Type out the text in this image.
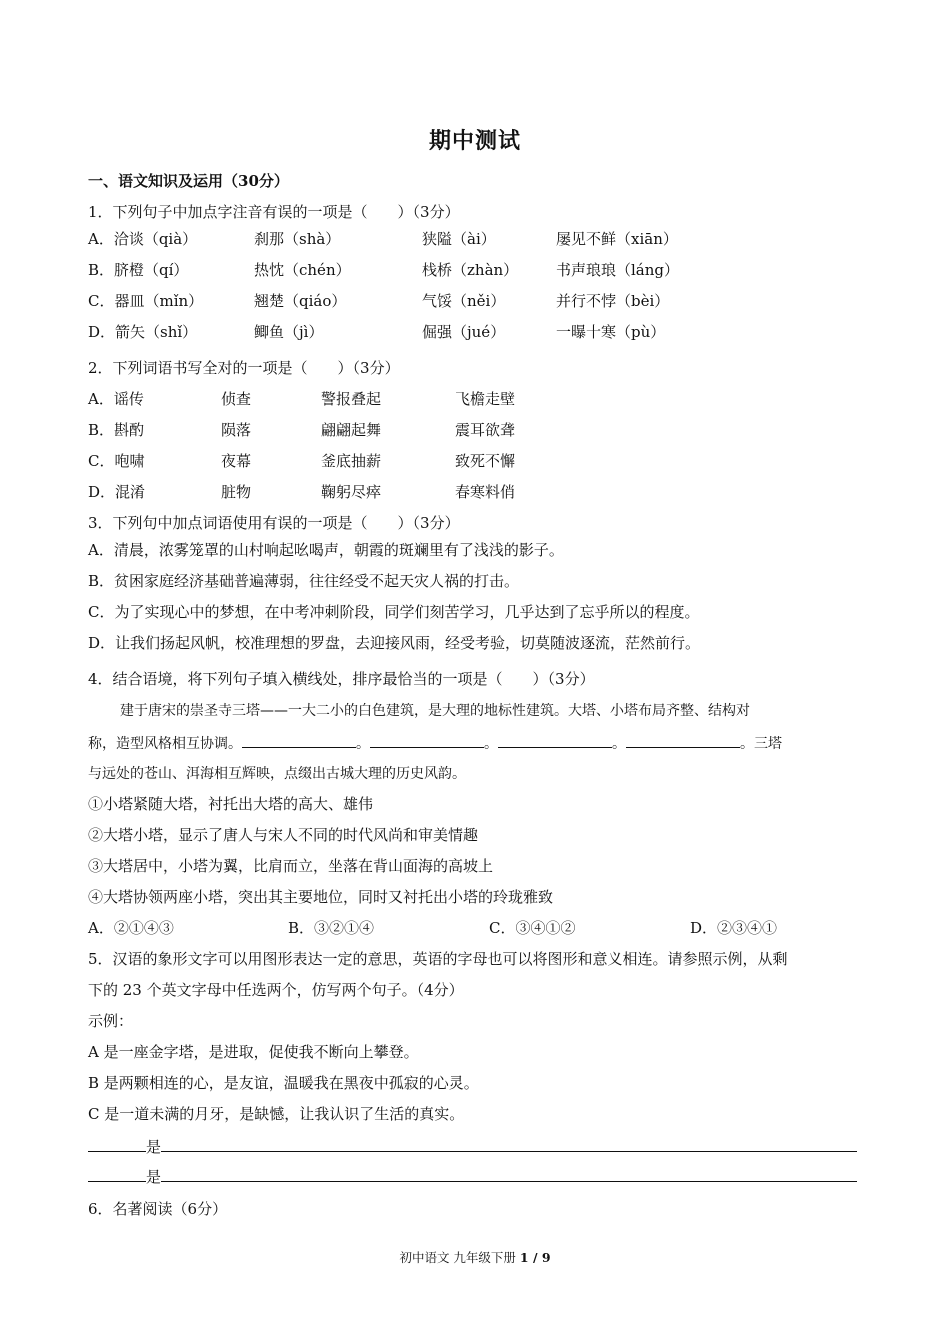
期中测试
一、语文知识及运用（30分）
1．下列句子中加点字注音有误的一项是（　　）（3分）
A．洽谈（qià）	刹那（shà）	狭隘（ài）	屡见不鲜（xiān）
B．脐橙（qí）	热忱（chén）	栈桥（zhàn）	书声琅琅（láng）
C．器皿（mǐn）	翘楚（qiáo）	气馁（něi）	并行不悖（bèi）
D．箭矢（shǐ）	鲫鱼（jì）	倔强（jué）	一曝十寒（pù）
2．下列词语书写全对的一项是（　　）（3分）
A．谣传	侦查	警报叠起	飞檐走壁
B．斟酌	陨落	翩翩起舞	震耳欲聋
C．咆啸	夜幕	釜底抽薪	致死不懈
D．混淆	脏物	鞠躬尽瘁	春寒料俏
3．下列句中加点词语使用有误的一项是（　　）（3分）
A．清晨，浓雾笼罩的山村响起吆喝声，朝霞的斑斓里有了浅浅的影子。
B．贫困家庭经济基础普遍薄弱，往往经受不起天灾人祸的打击。
C．为了实现心中的梦想，在中考冲刺阶段，同学们刻苦学习，几乎达到了忘乎所以的程度。
D．让我们扬起风帆，校准理想的罗盘，去迎接风雨，经受考验，切莫随波逐流，茫然前行。
4．结合语境，将下列句子填入横线处，排序最恰当的一项是（　　）（3分）
建于唐宋的崇圣寺三塔——一大二小的白色建筑，是大理的地标性建筑。大塔、小塔布局齐整、结构对
称，造型风格相互协调。	。	。	。	。三塔
与远处的苍山、洱海相互辉映，点缀出古城大理的历史风韵。
①小塔紧随大塔，衬托出大塔的高大、雄伟
②大塔小塔，显示了唐人与宋人不同的时代风尚和审美情趣
③大塔居中，小塔为翼，比肩而立，坐落在背山面海的高坡上
④大塔协领两座小塔，突出其主要地位，同时又衬托出小塔的玲珑雅致
A．②①④③	B．③②①④	C．③④①②	D．②③④①
5．汉语的象形文字可以用图形表达一定的意思，英语的字母也可以将图形和意义相连。请参照示例，从剩
下的 23 个英文字母中任选两个，仿写两个句子。（4分）
示例：
A 是一座金字塔，是进取，促使我不断向上攀登。
B 是两颗相连的心，是友谊，温暖我在黑夜中孤寂的心灵。
C 是一道未满的月牙，是缺憾，让我认识了生活的真实。
是
是
6．名著阅读（6分）
初中语文 九年级下册 1 / 9
